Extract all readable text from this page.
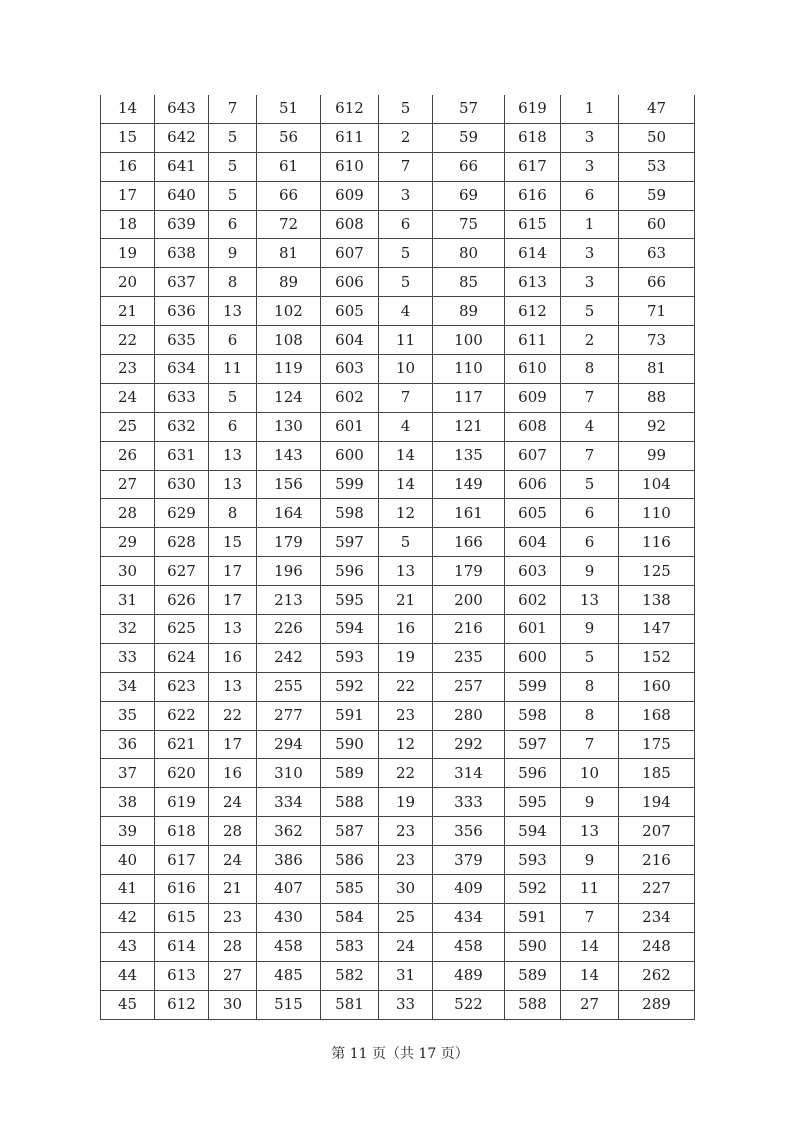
14	643	7	51	612	5	57	619	1	47
15	642	5	56	611	2	59	618	3	50
16	641	5	61	610	7	66	617	3	53
17	640	5	66	609	3	69	616	6	59
18	639	6	72	608	6	75	615	1	60
19	638	9	81	607	5	80	614	3	63
20	637	8	89	606	5	85	613	3	66
21	636	13	102	605	4	89	612	5	71
22	635	6	108	604	11	100	611	2	73
23	634	11	119	603	10	110	610	8	81
24	633	5	124	602	7	117	609	7	88
25	632	6	130	601	4	121	608	4	92
26	631	13	143	600	14	135	607	7	99
27	630	13	156	599	14	149	606	5	104
28	629	8	164	598	12	161	605	6	110
29	628	15	179	597	5	166	604	6	116
30	627	17	196	596	13	179	603	9	125
31	626	17	213	595	21	200	602	13	138
32	625	13	226	594	16	216	601	9	147
33	624	16	242	593	19	235	600	5	152
34	623	13	255	592	22	257	599	8	160
35	622	22	277	591	23	280	598	8	168
36	621	17	294	590	12	292	597	7	175
37	620	16	310	589	22	314	596	10	185
38	619	24	334	588	19	333	595	9	194
39	618	28	362	587	23	356	594	13	207
40	617	24	386	586	23	379	593	9	216
41	616	21	407	585	30	409	592	11	227
42	615	23	430	584	25	434	591	7	234
43	614	28	458	583	24	458	590	14	248
44	613	27	485	582	31	489	589	14	262
45	612	30	515	581	33	522	588	27	289
第 11 页（共 17 页）
